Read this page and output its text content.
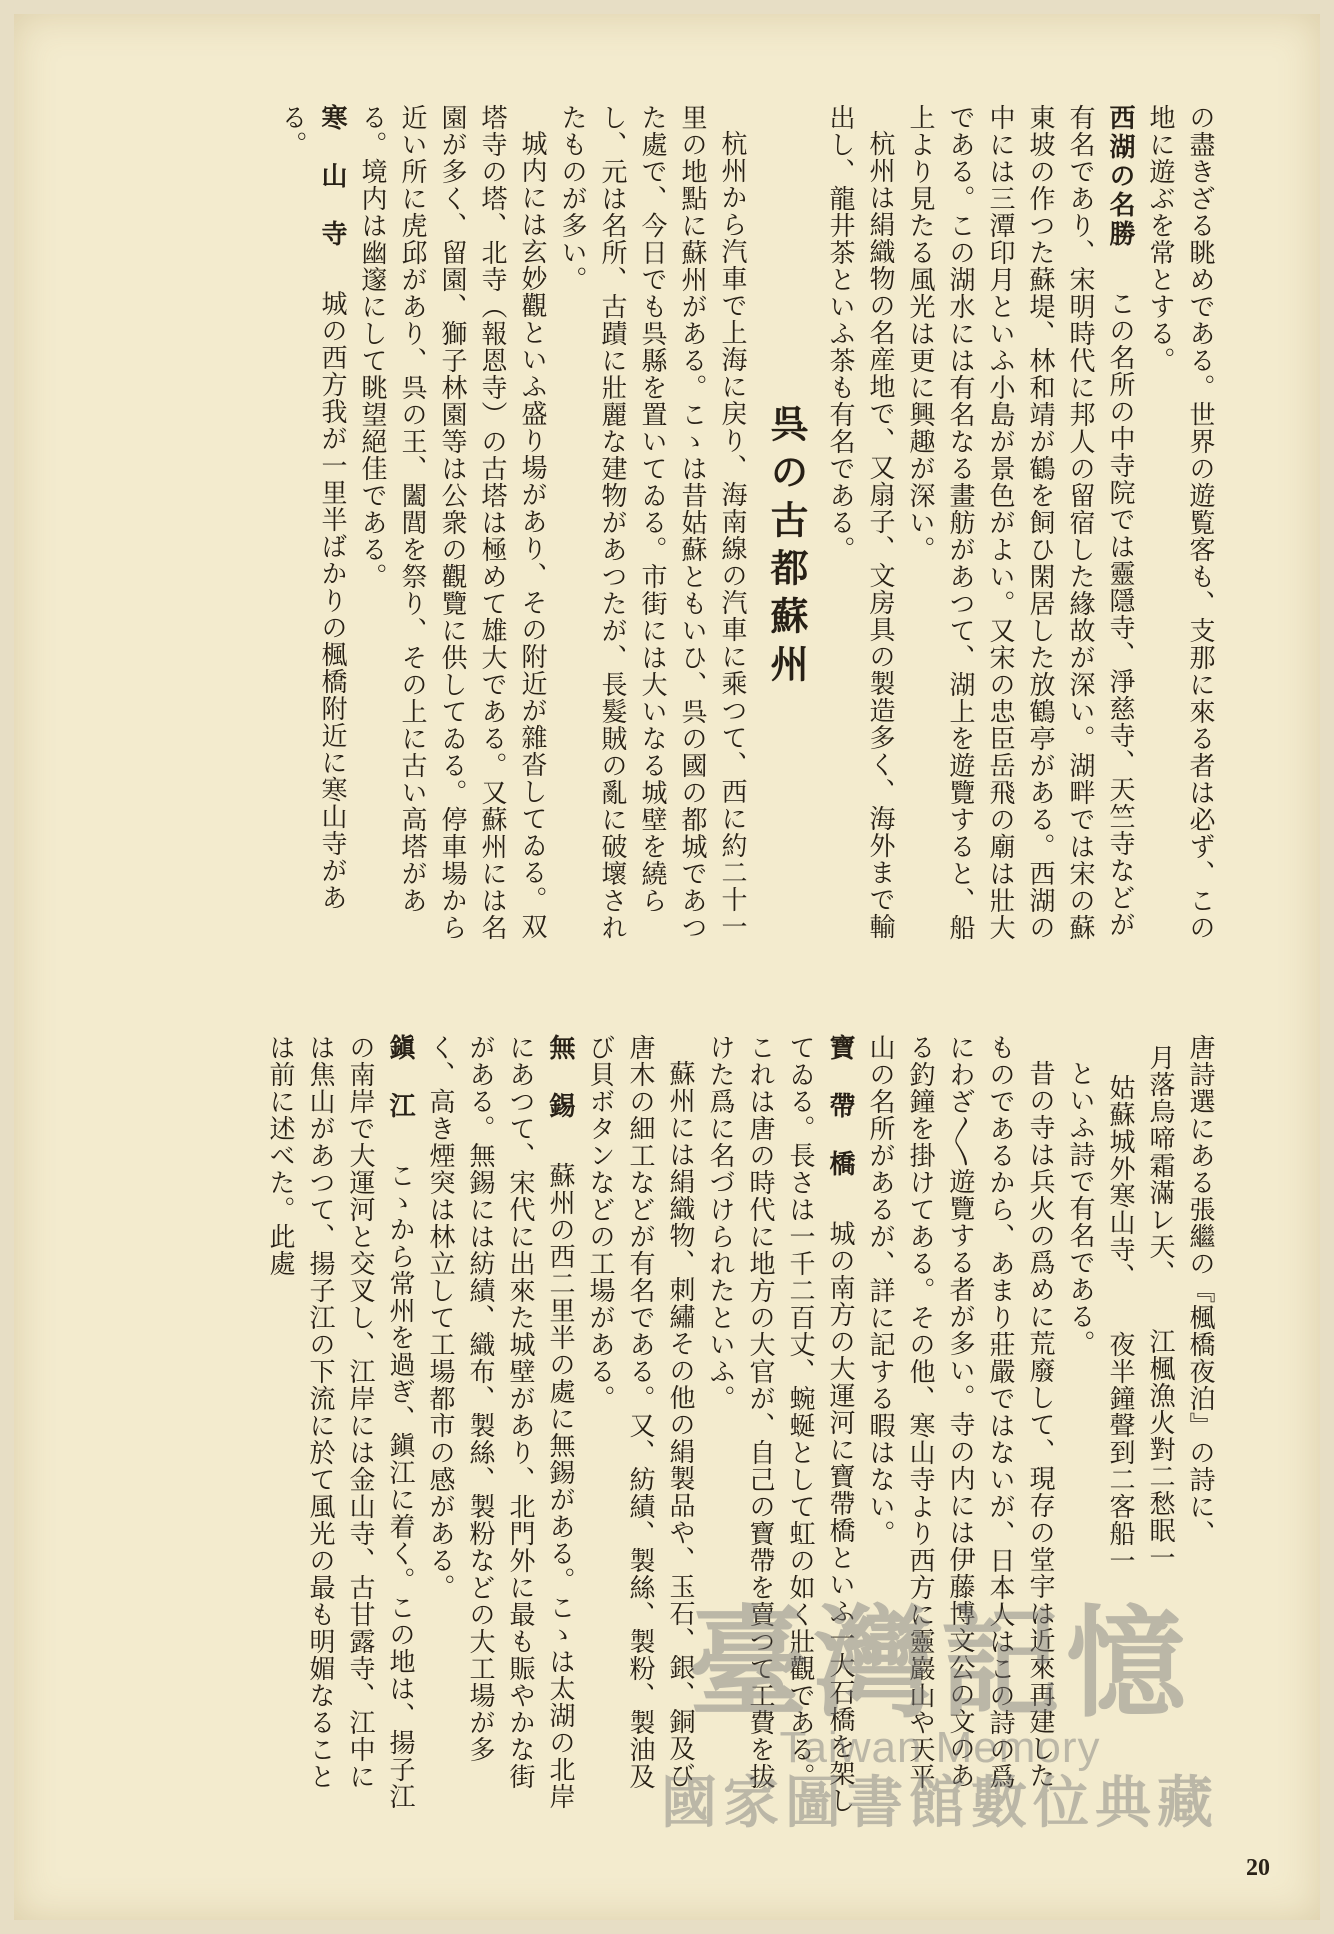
の盡きざる眺めである。世界の遊覧客も、支那に來る者は必ず、この地に遊ぶを常とする。

西湖の名勝　この名所の中寺院では靈隱寺、淨慈寺、天竺寺などが有名であり、宋明時代に邦人の留宿した緣故が深い。湖畔では宋の蘇東坡の作つた蘇堤、林和靖が鶴を飼ひ閑居した放鶴亭がある。西湖の中には三潭印月といふ小島が景色がよい。又宋の忠臣岳飛の廟は壯大である。この湖水には有名なる畫舫があつて、湖上を遊覽すると、船上より見たる風光は更に興趣が深い。

杭州は絹織物の名産地で、又扇子、文房具の製造多く、海外まで輸出し、龍井茶といふ茶も有名である。

呉の古都蘇州

杭州から汽車で上海に戻り、海南線の汽車に乘つて、西に約二十一里の地點に蘇州がある。こゝは昔姑蘇ともいひ、呉の國の都城であつた處で、今日でも呉縣を置いてゐる。市街には大いなる城壁を繞らし、元は名所、古蹟に壯麗な建物があつたが、長髮賊の亂に破壞されたものが多い。

城内には玄妙觀といふ盛り場があり、その附近が雜沓してゐる。双塔寺の塔、北寺（報恩寺）の古塔は極めて雄大である。又蘇州には名園が多く、留園、獅子林園等は公衆の觀覽に供してゐる。停車場から近い所に虎邱があり、呉の王、闔閭を祭り、その上に古い高塔がある。境内は幽邃にして眺望絕佳である。

寒　山　寺　城の西方我が一里半ばかりの楓橋附近に寒山寺がある。

唐詩選にある張繼の『楓橋夜泊』の詩に、

月落烏啼霜滿レ天、　　江楓漁火對二愁眠一

姑蘇城外寒山寺、　　夜半鐘聲到二客船一

といふ詩で有名である。

昔の寺は兵火の爲めに荒廢して、現存の堂宇は近來再建したものであるから、あまり莊嚴ではないが、日本人はこの詩の爲にわざ〳〵遊覽する者が多い。寺の内には伊藤博文公の文のある釣鐘を掛けてある。その他、寒山寺より西方に靈巖山や天平山の名所があるが、詳に記する暇はない。

寶　帶　橋　城の南方の大運河に寶帶橋といふ一大石橋を架してゐる。長さは一千二百丈、蜿蜒として虹の如く壯觀である。これは唐の時代に地方の大官が、自己の寶帶を賣つて工費を拔けた爲に名づけられたといふ。

蘇州には絹織物、刺繡その他の絹製品や、玉石、銀、銅及び唐木の細工などが有名である。又、紡績、製絲、製粉、製油及び貝ボタンなどの工場がある。

無　錫　蘇州の西二里半の處に無錫がある。こゝは太湖の北岸にあつて、宋代に出來た城壁があり、北門外に最も賑やかな街がある。無錫には紡績、織布、製絲、製粉などの大工場が多く、高き煙突は林立して工場都市の感がある。

鎭　江　こゝから常州を過ぎ、鎭江に着く。この地は、揚子江の南岸で大運河と交叉し、江岸には金山寺、古甘露寺、江中には焦山があつて、揚子江の下流に於て風光の最も明媚なることは前に述べた。此處

臺灣記憶
Taiwan Memory
國家圖書館數位典藏
20
